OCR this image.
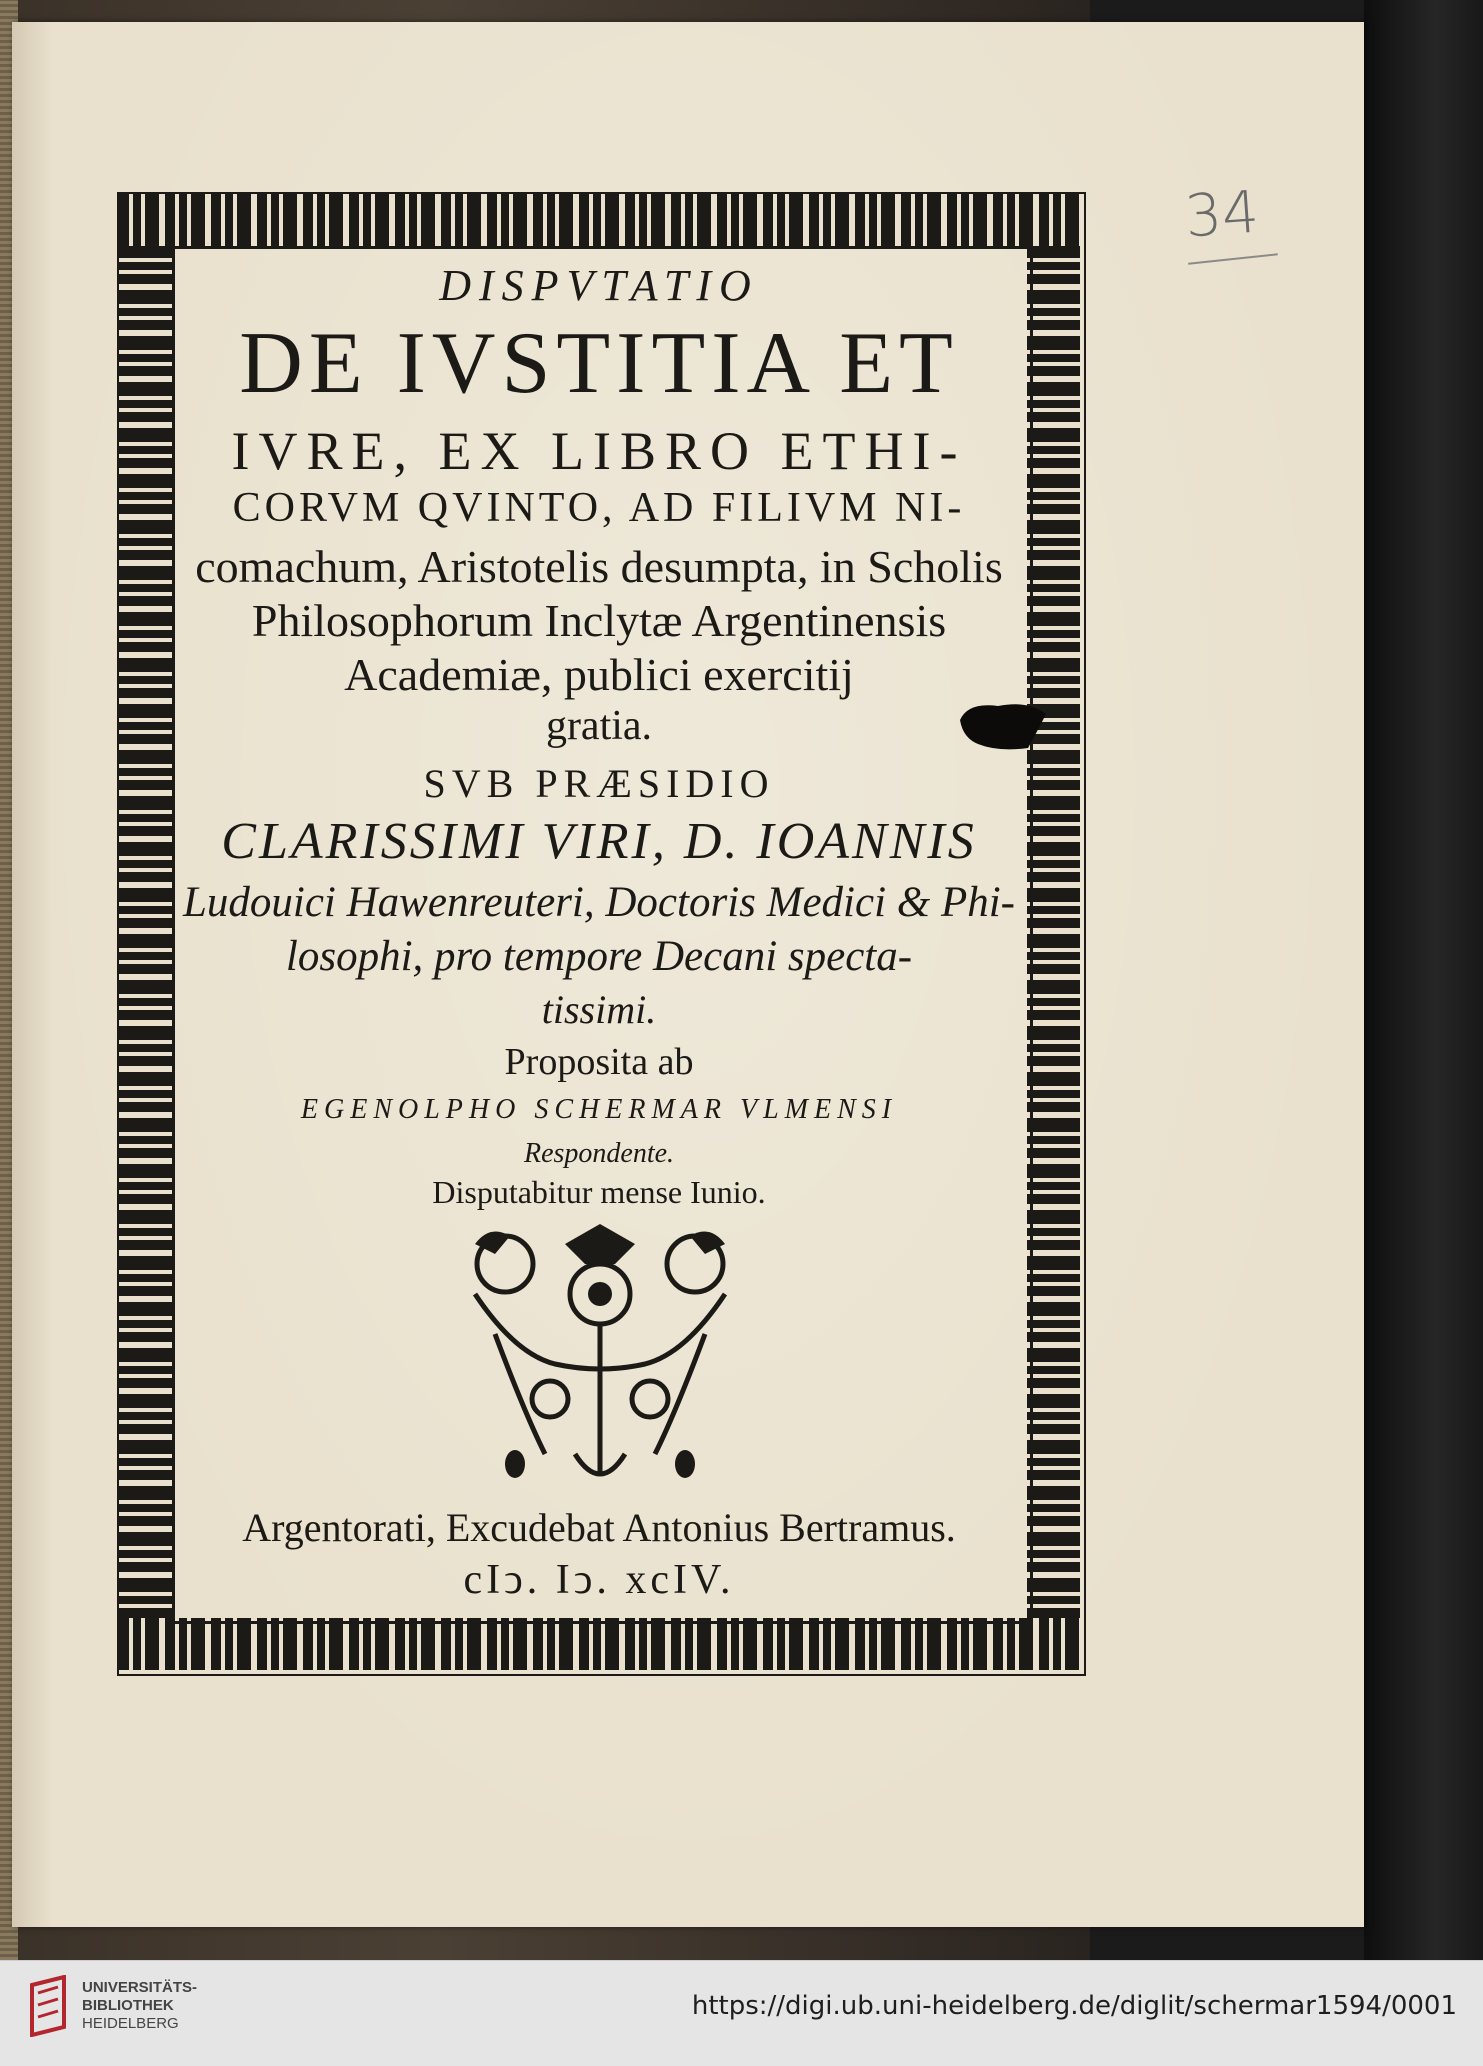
DISPVTATIO
DE IVSTITIA ET
IVRE, EX LIBRO ETHI-
CORVM QVINTO, AD FILIVM NI-
comachum, Aristotelis desumpta, in Scholis
Philosophorum Inclytæ Argentinensis
Academiæ, publici exercitij
gratia.
SVB PRÆSIDIO
CLARISSIMI VIRI, D. IOANNIS
Ludouici Hawenreuteri, Doctoris Medici & Phi-
losophi, pro tempore Decani specta-
tissimi.
Proposita ab
EGENOLPHO SCHERMAR VLMENSI
Respondente.
Disputabitur mense Iunio.
Argentorati, Excudebat Antonius Bertramus.
cIↄ. Iↄ. xcIV.
34
UNIVERSITÄTS-
BIBLIOTHEK
HEIDELBERG
https://digi.ub.uni-heidelberg.de/diglit/schermar1594/0001
